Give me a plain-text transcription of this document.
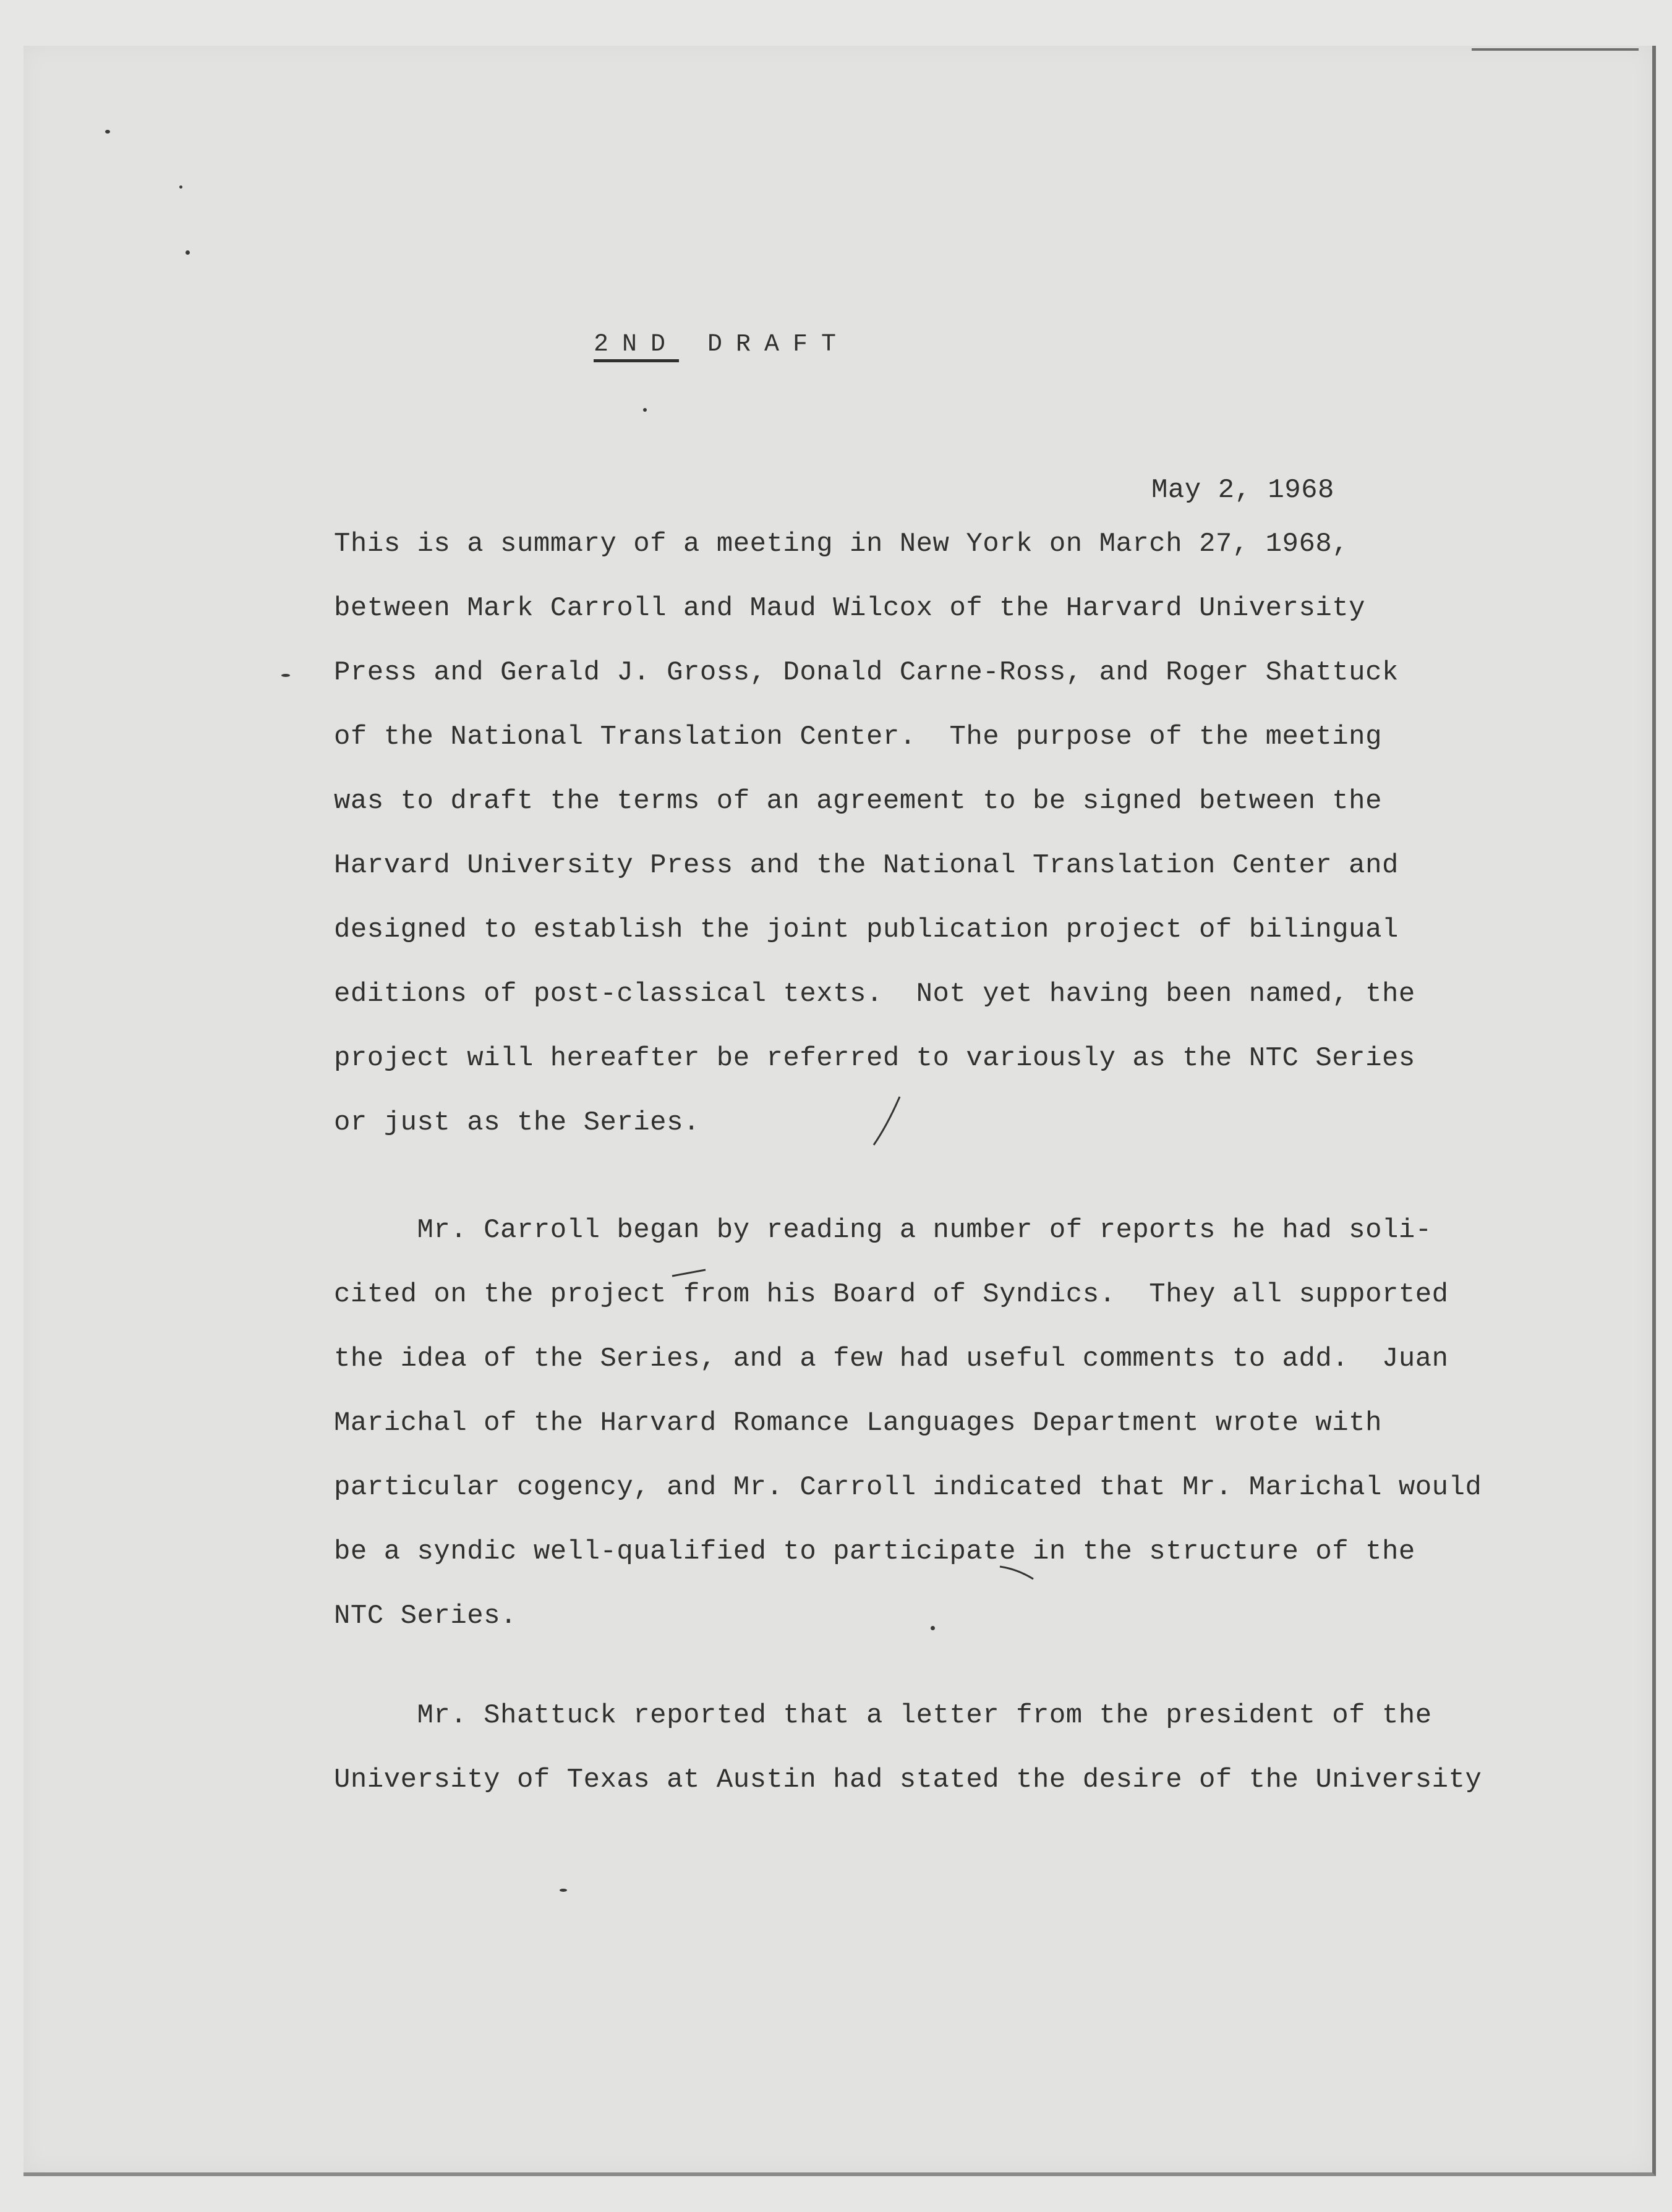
2ND DRAFT
May 2, 1968

This is a summary of a meeting in New York on March 27, 1968,

between Mark Carroll and Maud Wilcox of the Harvard University

Press and Gerald J. Gross, Donald Carne-Ross, and Roger Shattuck

of the National Translation Center.  The purpose of the meeting

was to draft the terms of an agreement to be signed between the

Harvard University Press and the National Translation Center and

designed to establish the joint publication project of bilingual

editions of post-classical texts.  Not yet having been named, the

project will hereafter be referred to variously as the NTC Series

or just as the Series.

Mr. Carroll began by reading a number of reports he had soli-

cited on the project from his Board of Syndics.  They all supported

the idea of the Series, and a few had useful comments to add.  Juan

Marichal of the Harvard Romance Languages Department wrote with

particular cogency, and Mr. Carroll indicated that Mr. Marichal would

be a syndic well-qualified to participate in the structure of the

NTC Series.

Mr. Shattuck reported that a letter from the president of the

University of Texas at Austin had stated the desire of the University
